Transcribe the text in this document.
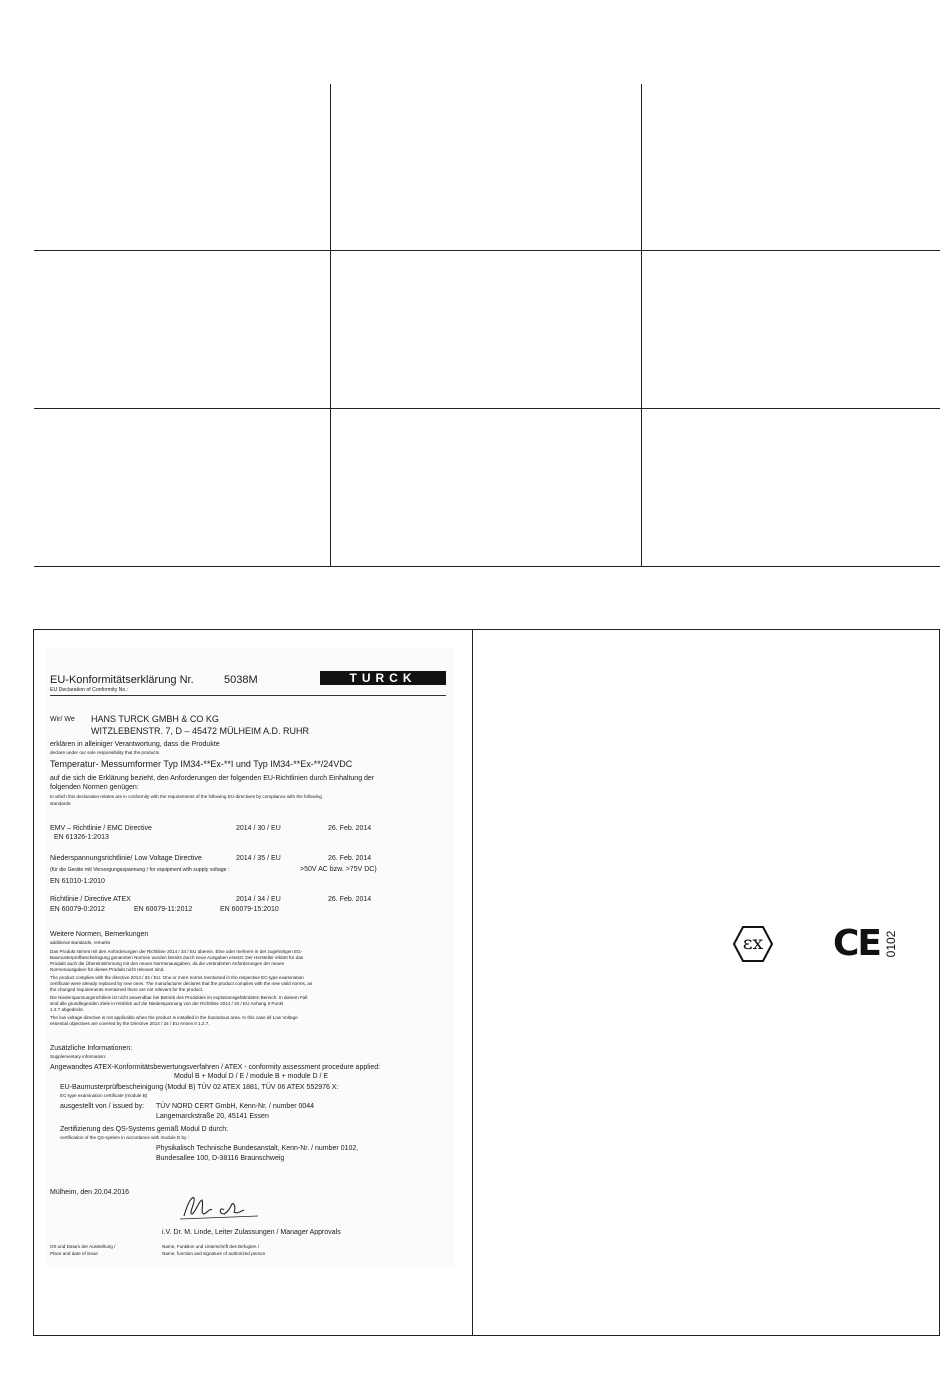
EU-Konformitätserklärung Nr.	5038M	TURCK
EU Declaration of Conformity No.:
Wir/ We HANS TURCK GMBH & CO KG
WITZLEBENSTR. 7, D – 45472 MÜLHEIM A.D. RUHR
erklären in alleiniger Verantwortung, dass die Produkte
declare under our sole responsibility that the products
Temperatur- Messumformer Typ IM34-**Ex-**I und Typ IM34-**Ex-**/24VDC
auf die sich die Erklärung bezieht, den Anforderungen der folgenden EU-Richtlinien durch Einhaltung der
folgenden Normen genügen:
to which this declaration relates are in conformity with the requirements of the following EU-directives by compliance with the following
standards:
EMV – Richtlinie / EMC Directive	2014 / 30 / EU	26. Feb. 2014
EN 61326-1:2013
Niederspannungsrichtlinie/ Low Voltage Directive	2014 / 35 / EU	26. Feb. 2014
(für die Geräte mit Versorgungsspannung / for equipment with supply voltage :	>50V AC bzw. >75V DC)
EN 61010-1:2010
Richtlinie / Directive ATEX	2014 / 34 / EU	26. Feb. 2014
EN 60079-0:2012	EN 60079-11:2012	EN 60079-15:2010
Weitere Normen, Bemerkungen
additional standards, remarks
Das Produkt stimmt mit den Anforderungen der Richtlinie 2014 / 34 / EU überein. Eine oder mehrere in der zugehörigen EG-
Baumusterprüfbescheinigung genannten Normen wurden bereits durch neue Ausgaben ersetzt. Der Hersteller erklärt für das
Produkt auch die Übereinstimmung mit den neuen Normenausgaben, da die veränderten Anforderungen der neuen
Normenausgaben für dieses Produkt nicht relevant sind.
The product complies with the directive 2014 / 34 / EU. One or more norms mentioned in the respective EC-type examination
certificate were already replaced by new ones. The manufacturer declares that the product complies with the new valid norms, as
the changed requirements mentioned there are not relevant for the product.
Die Niederspannungsrichtlinie ist nicht anwendbar bei Betrieb des Produktes im explosionsgefährdeten Bereich. In diesem Fall
sind alle grundlegenden Ziele in Hinblick auf die Niederspannung von der Richtlinie 2014 / 34 / EU Anhang II Punkt
1.2.7 abgedeckt.
The low voltage directive is not applicable when the product is installed in the hazardous area. In this case all Low Voltage
essential objectives are covered by the Directive 2014 / 34 / EU Annex II 1.2.7.
Zusätzliche Informationen:
Supplementary information:
Angewandtes ATEX-Konformitätsbewertungsverfahren / ATEX - conformity assessment procedure applied:
Modul B + Modul D / E / module B + module D / E
EU-Baumusterprüfbescheinigung (Modul B) TÜV 02 ATEX 1881, TÜV 06 ATEX 552976 X:
EC-type examination certificate (module B)
ausgestellt von / issued by: TÜV NORD CERT GmbH, Kenn-Nr. / number 0044
Langemarckstraße 20, 45141 Essen
Zertifizierung des QS-Systems gemäß Modul D durch:
certification of the QS-system in accordance with module D by :
Physikalisch Technische Bundesanstalt, Kenn-Nr. / number 0102,
Bundesallee 100, D-38116 Braunschweig
Mülheim, den 20.04.2016
i.V. Dr. M. Linde, Leiter Zulassungen / Manager Approvals
Ort und Datum der Ausstellung /
Place and date of issue
Name, Funktion und Unterschrift des Befugten /
Name, function and signature of authorized person
εx CE 0102
